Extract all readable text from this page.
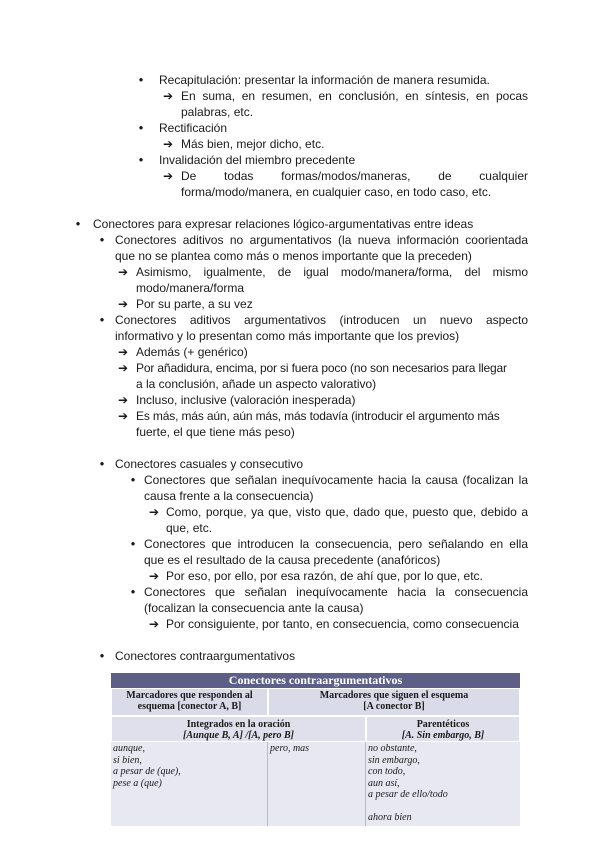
● Recapitulación: presentar la información de manera resumida.
➔ En suma, en resumen, en conclusión, en síntesis, en pocas
palabras, etc.
● Rectificación
➔ Más bien, mejor dicho, etc.
● Invalidación del miembro precedente
➔ De todas formas/modos/maneras, de cualquier
forma/modo/manera, en cualquier caso, en todo caso, etc.
● Conectores para expresar relaciones lógico-argumentativas entre ideas
● Conectores aditivos no argumentativos (la nueva información coorientada
que no se plantea como más o menos importante que la preceden)
➔ Asimismo, igualmente, de igual modo/manera/forma, del mismo
modo/manera/forma
➔ Por su parte, a su vez
● Conectores aditivos argumentativos (introducen un nuevo aspecto
informativo y lo presentan como más importante que los previos)
➔ Además (+ genérico)
➔ Por añadidura, encima, por si fuera poco (no son necesarios para llegar
a la conclusión, añade un aspecto valorativo)
➔ Incluso, inclusive (valoración inesperada)
➔ Es más, más aún, aún más, más todavía (introducir el argumento más
fuerte, el que tiene más peso)
● Conectores casuales y consecutivo
● Conectores que señalan inequívocamente hacia la causa (focalizan la
causa frente a la consecuencia)
➔ Como, porque, ya que, visto que, dado que, puesto que, debido a
que, etc.
● Conectores que introducen la consecuencia, pero señalando en ella
que es el resultado de la causa precedente (anafóricos)
➔ Por eso, por ello, por esa razón, de ahí que, por lo que, etc.
● Conectores que señalan inequívocamente hacia la consecuencia
(focalizan la consecuencia ante la causa)
➔ Por consiguiente, por tanto, en consecuencia, como consecuencia
● Conectores contraargumentativos
Conectores contraargumentativos
Marcadores que responden al
esquema [conector A, B]
Marcadores que siguen el esquema
[A conector B]
Integrados en la oración
[Aunque B, A] /[A, pero B]
Parentéticos
[A. Sin embargo, B]
aunque,
si bien,
a pesar de (que),
pese a (que)
pero, mas	no obstante,
sin embargo,
con todo,
aun así,
a pesar de ello/todo
ahora bien
